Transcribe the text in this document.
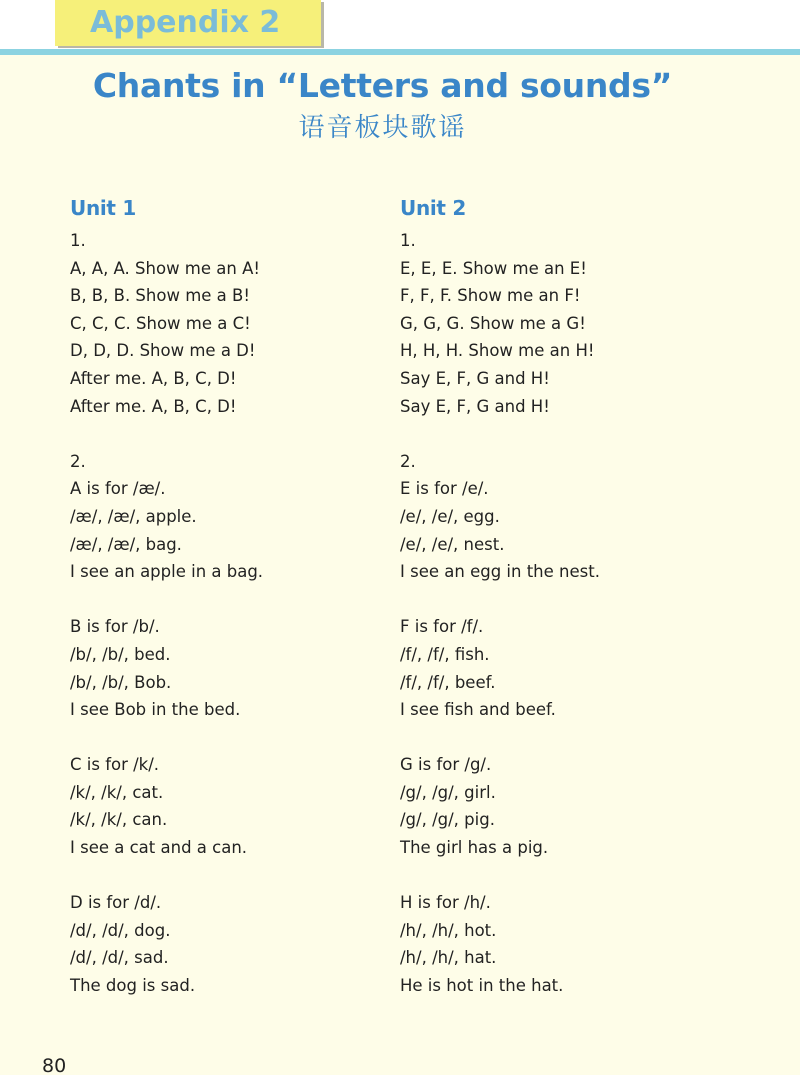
Appendix 2
Chants in “Letters and sounds”
语音板块歌谣
Unit 1
1.
A, A, A. Show me an A!
B, B, B. Show me a B!
C, C, C. Show me a C!
D, D, D. Show me a D!
After me. A, B, C, D!
After me. A, B, C, D!
2.
A is for /æ/.
/æ/, /æ/, apple.
/æ/, /æ/, bag.
I see an apple in a bag.
B is for /b/.
/b/, /b/, bed.
/b/, /b/, Bob.
I see Bob in the bed.
C is for /k/.
/k/, /k/, cat.
/k/, /k/, can.
I see a cat and a can.
D is for /d/.
/d/, /d/, dog.
/d/, /d/, sad.
The dog is sad.
Unit 2
1.
E, E, E. Show me an E!
F, F, F. Show me an F!
G, G, G. Show me a G!
H, H, H. Show me an H!
Say E, F, G and H!
Say E, F, G and H!
2.
E is for /e/.
/e/, /e/, egg.
/e/, /e/, nest.
I see an egg in the nest.
F is for /f/.
/f/, /f/, fish.
/f/, /f/, beef.
I see fish and beef.
G is for /g/.
/g/, /g/, girl.
/g/, /g/, pig.
The girl has a pig.
H is for /h/.
/h/, /h/, hot.
/h/, /h/, hat.
He is hot in the hat.
80
